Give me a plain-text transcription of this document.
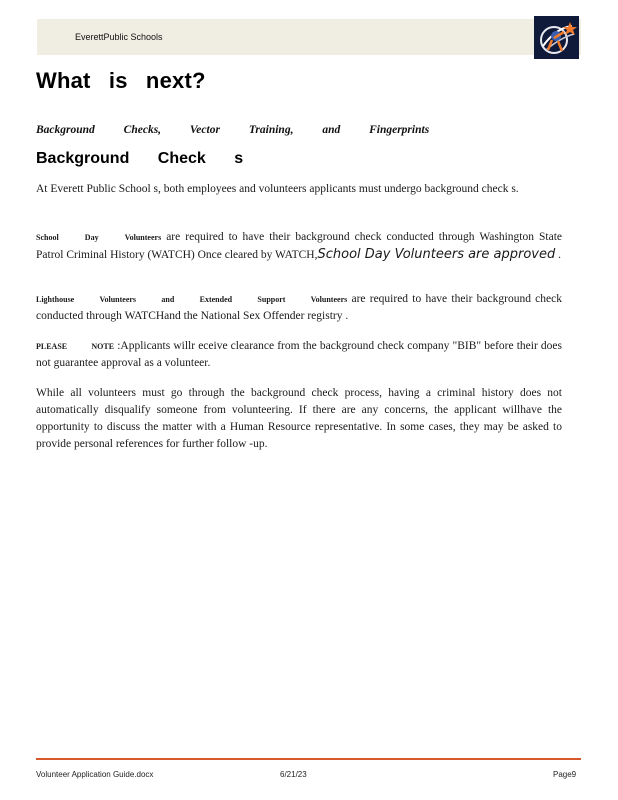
EverettPublic Schools
What is next?
Background Checks, Vector Training, and Fingerprints
Background Check s

At Everett Public School s, both employees and volunteers applicants must undergo background check s.

School Day Volunteers are required to have their background check conducted through Washington State Patrol Criminal History (WATCH) Once cleared by WATCH,School Day Volunteers are approved .

Lighthouse Volunteers and Extended Support Volunteers are required to have their background check conducted through WATCHand the National Sex Offender registry .

PLEASE NOTE :Applicants willr eceive clearance from the background check company "BIB" before their does not guarantee approval as a volunteer.

While all volunteers must go through the background check process, having a criminal history does not automatically disqualify someone from volunteering. If there are any concerns, the applicant willhave the opportunity to discuss the matter with a Human Resource representative. In some cases, they may be asked to provide personal references for further follow -up.

Volunteer Application Guide.docx	6/21/23	Page9
